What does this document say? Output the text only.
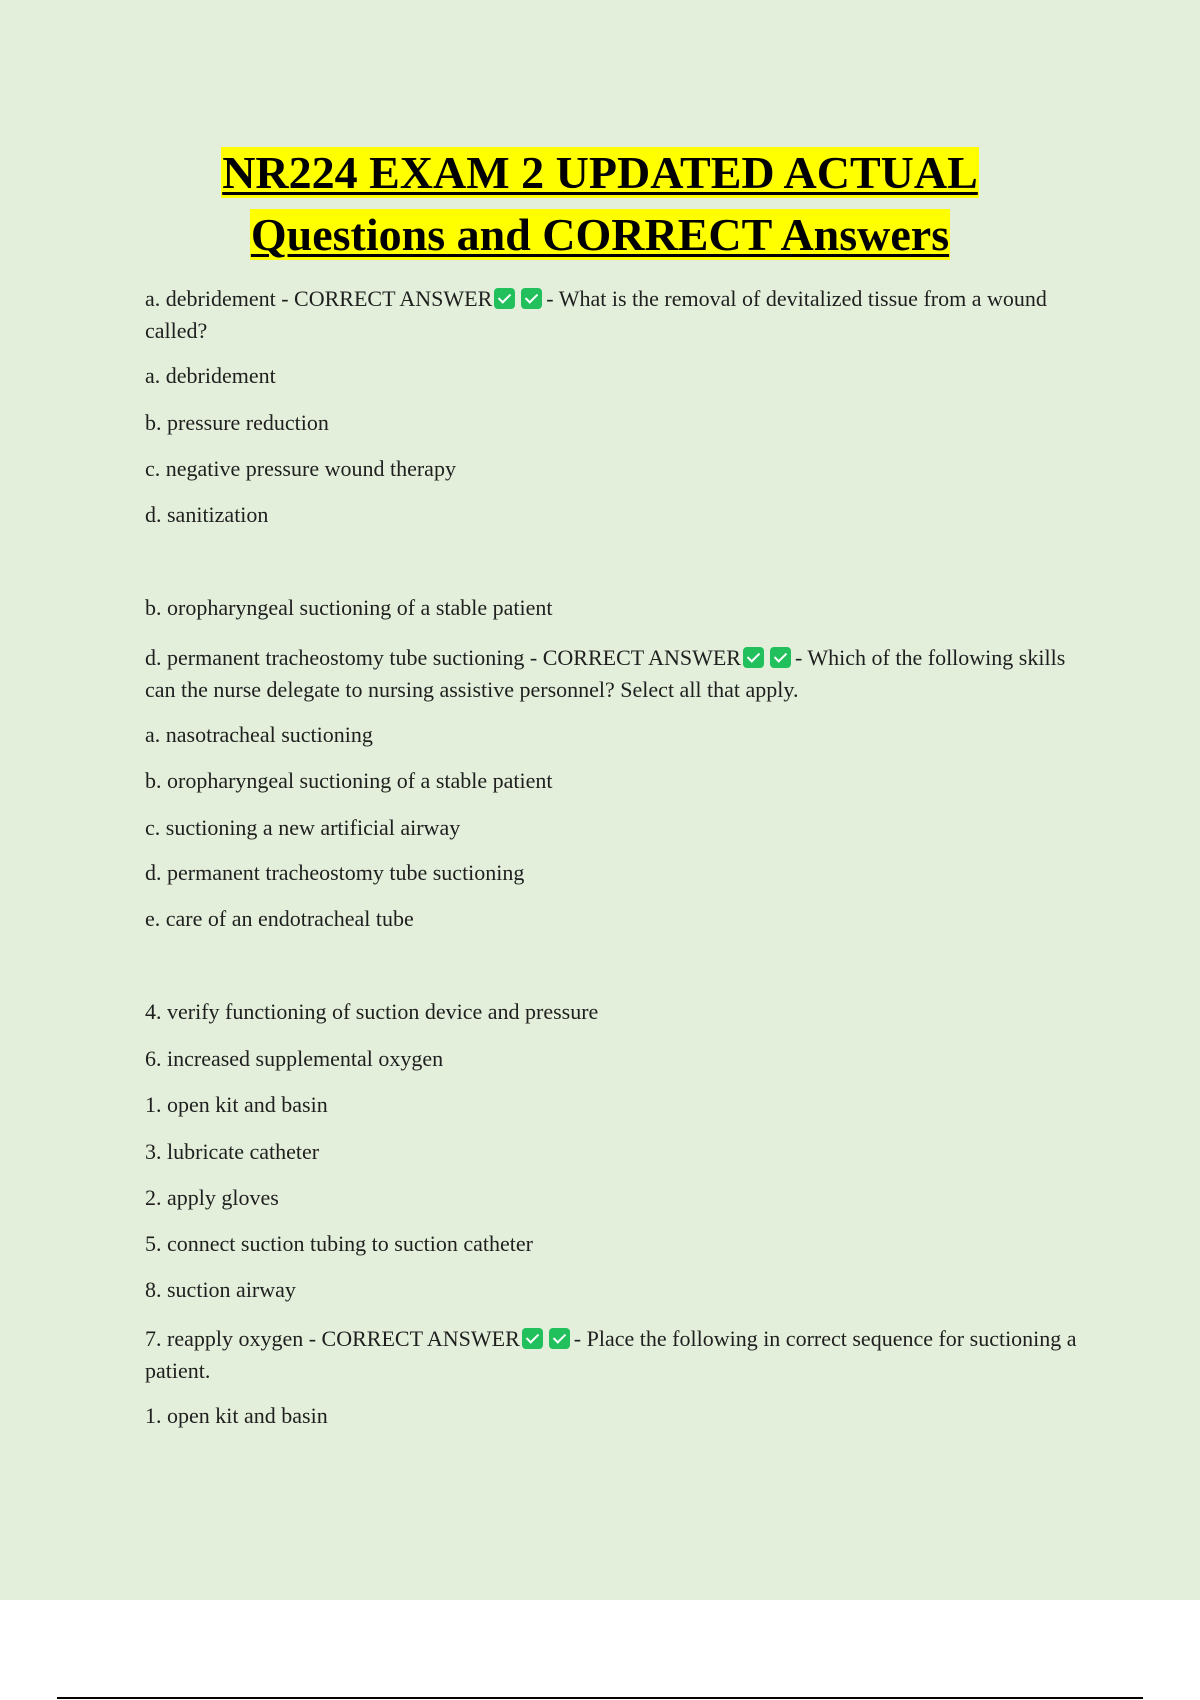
NR224 EXAM 2 UPDATED ACTUAL
Questions and CORRECT Answers
a. debridement - CORRECT ANSWER - What is the removal of devitalized tissue from a wound called?
a. debridement
b. pressure reduction
c. negative pressure wound therapy
d. sanitization
b. oropharyngeal suctioning of a stable patient
d. permanent tracheostomy tube suctioning - CORRECT ANSWER - Which of the following skills can the nurse delegate to nursing assistive personnel? Select all that apply.
a. nasotracheal suctioning
b. oropharyngeal suctioning of a stable patient
c. suctioning a new artificial airway
d. permanent tracheostomy tube suctioning
e. care of an endotracheal tube
4. verify functioning of suction device and pressure
6. increased supplemental oxygen
1. open kit and basin
3. lubricate catheter
2. apply gloves
5. connect suction tubing to suction catheter
8. suction airway
7. reapply oxygen - CORRECT ANSWER - Place the following in correct sequence for suctioning a patient.
1. open kit and basin
